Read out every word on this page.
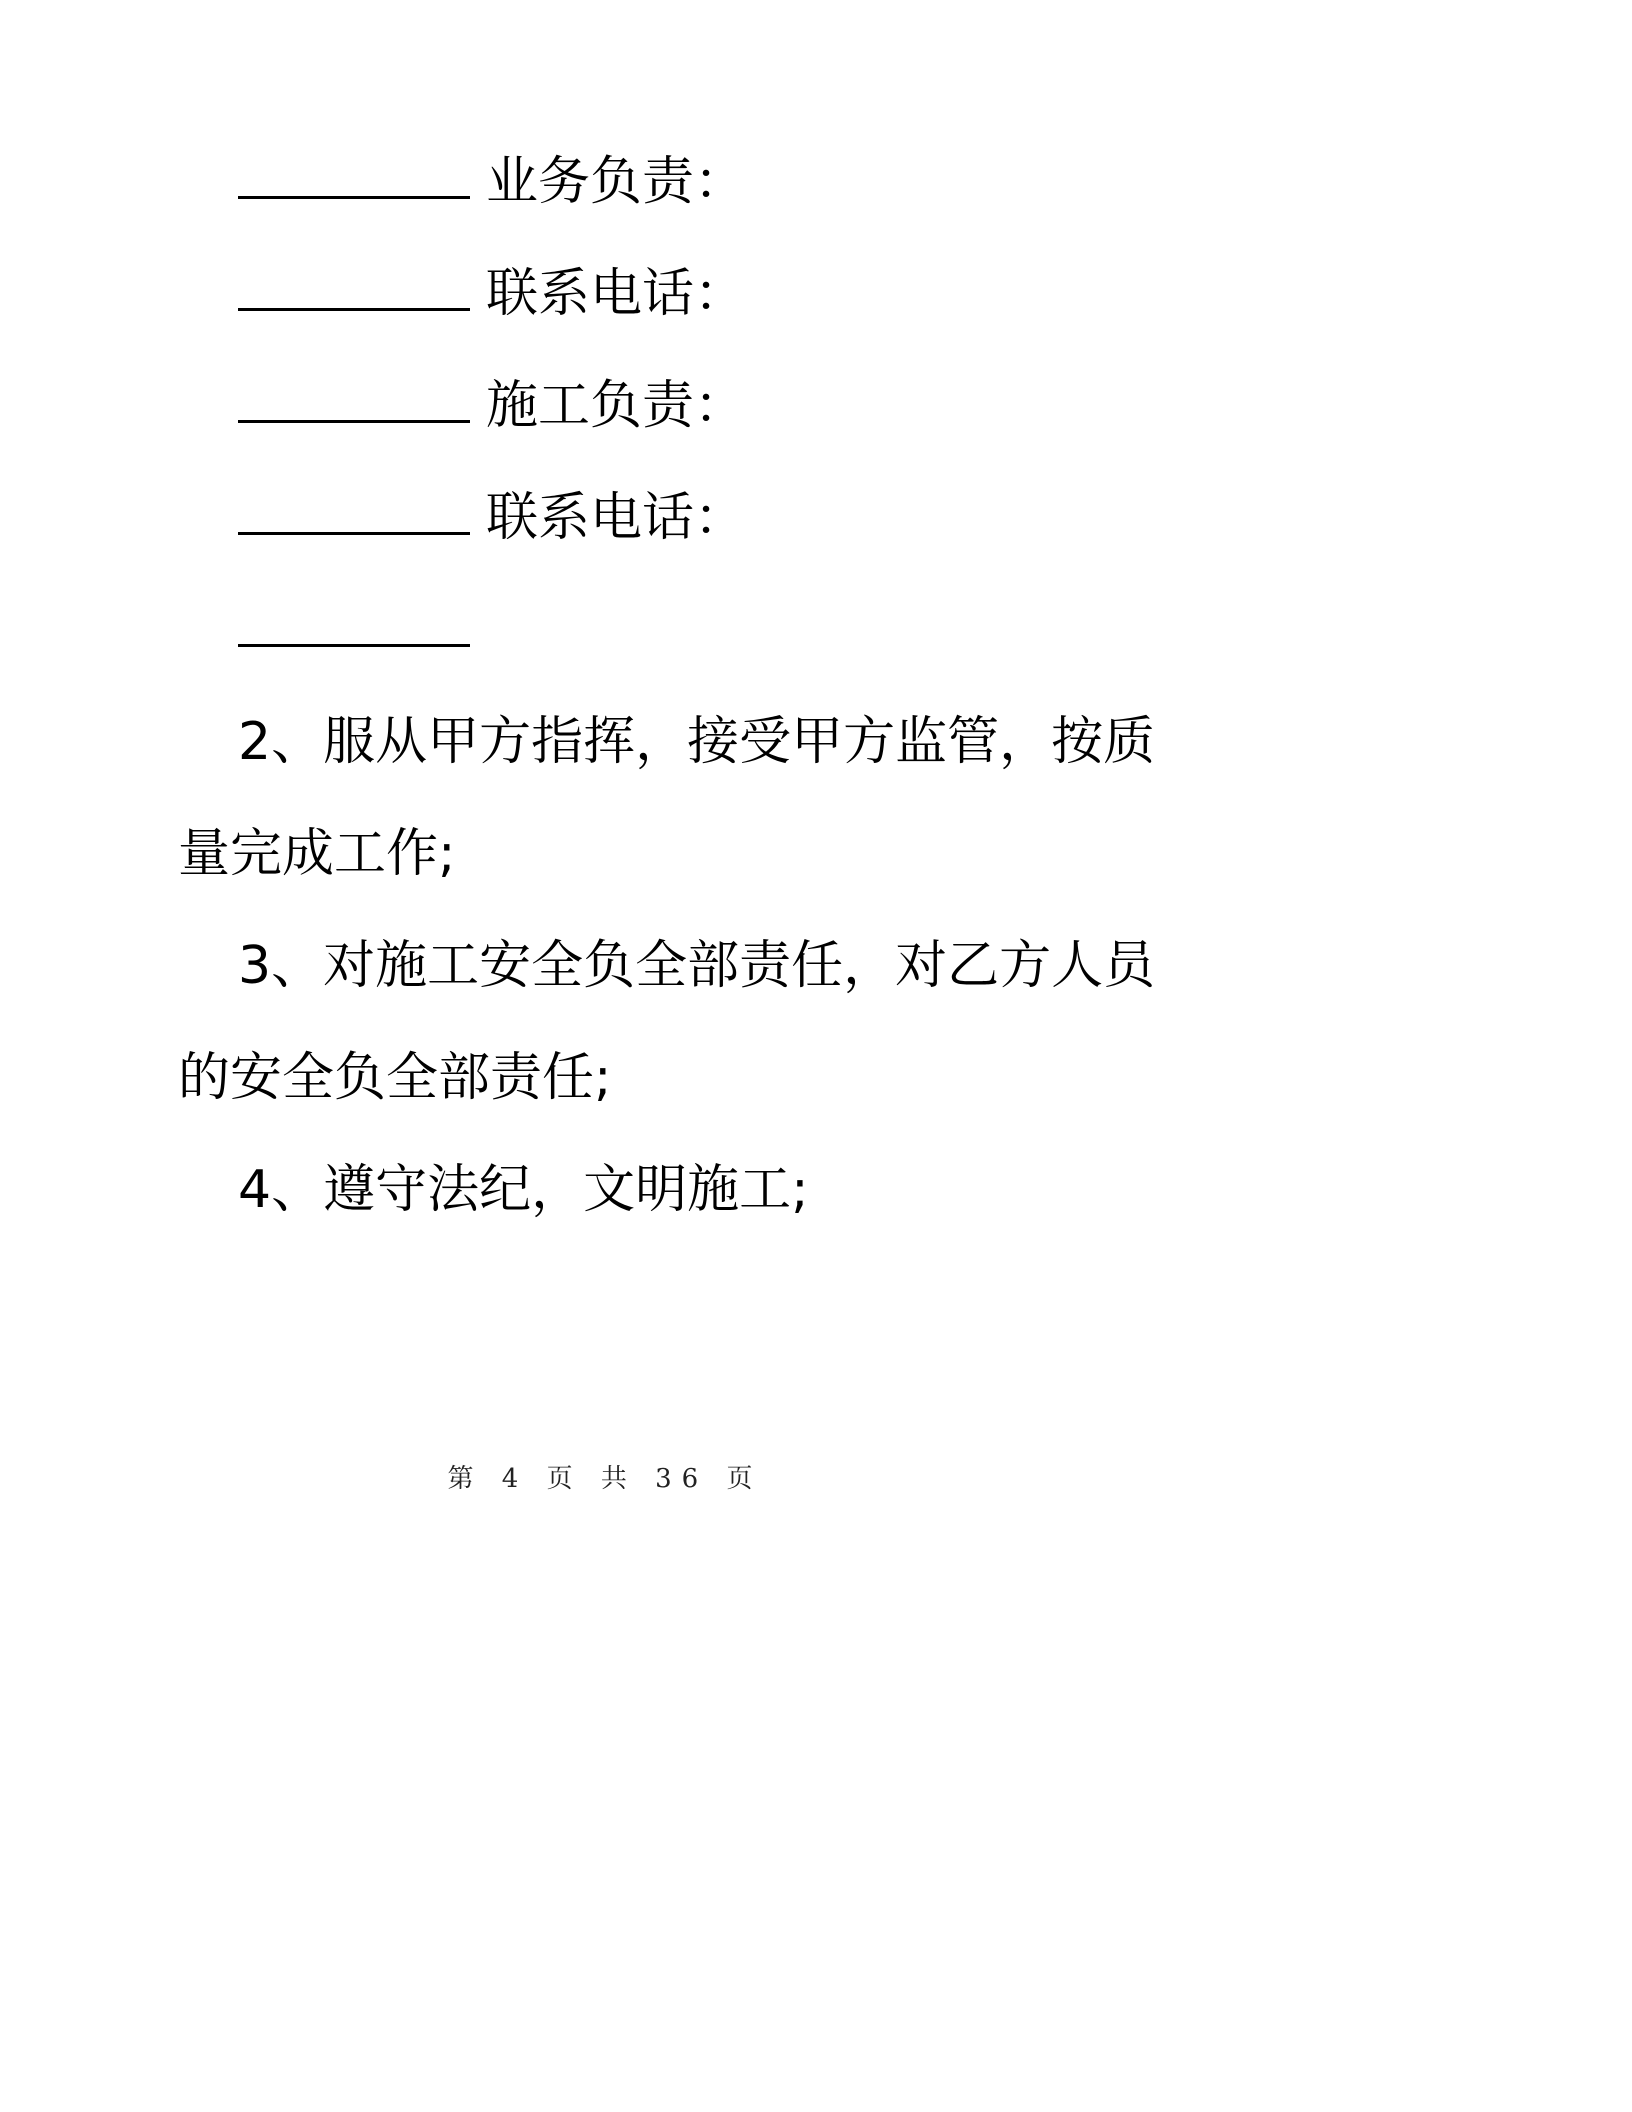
业务负责：
联系电话：
施工负责：
联系电话：
2、服从甲方指挥，接受甲方监管，按质
量完成工作;
3、对施工安全负全部责任，对乙方人员
的安全负全部责任;
4、遵守法纪，文明施工;
第 4 页 共 36 页
